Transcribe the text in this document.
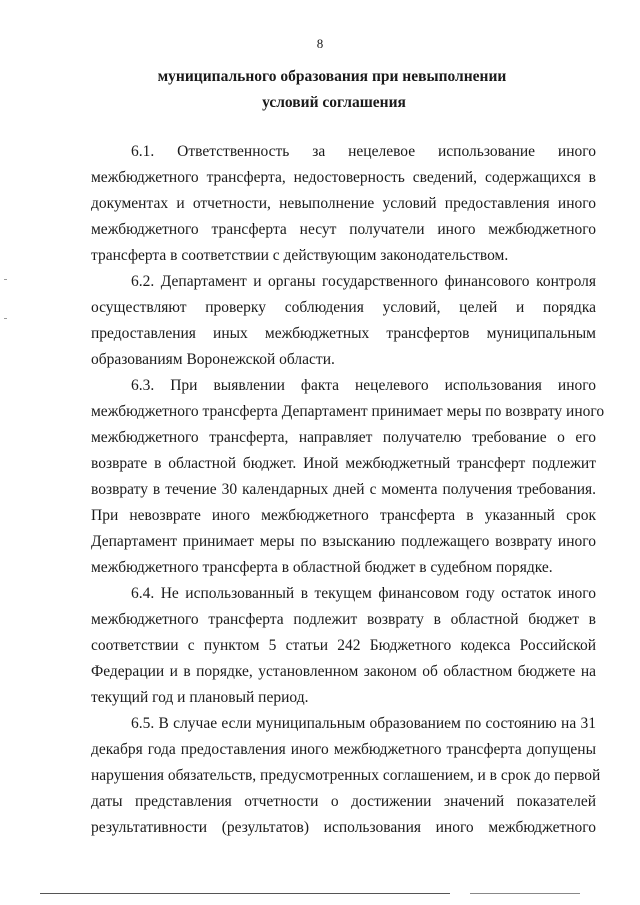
8
муниципального образования при невыполнении
условий соглашения
6.1. Ответственность за нецелевое использование иного
межбюджетного трансферта, недостоверность сведений, содержащихся в
документах и отчетности, невыполнение условий предоставления иного
межбюджетного трансферта несут получатели иного межбюджетного
трансферта в соответствии с действующим законодательством.
6.2. Департамент и органы государственного финансового контроля
осуществляют проверку соблюдения условий, целей и порядка
предоставления иных межбюджетных трансфертов муниципальным
образованиям Воронежской области.
6.3. При выявлении факта нецелевого использования иного
межбюджетного трансферта Департамент принимает меры по возврату иного
межбюджетного трансферта, направляет получателю требование о его
возврате в областной бюджет. Иной межбюджетный трансферт подлежит
возврату в течение 30 календарных дней с момента получения требования.
При невозврате иного межбюджетного трансферта в указанный срок
Департамент принимает меры по взысканию подлежащего возврату иного
межбюджетного трансферта в областной бюджет в судебном порядке.
6.4. Не использованный в текущем финансовом году остаток иного
межбюджетного трансферта подлежит возврату в областной бюджет в
соответствии с пунктом 5 статьи 242 Бюджетного кодекса Российской
Федерации и в порядке, установленном законом об областном бюджете на
текущий год и плановый период.
6.5. В случае если муниципальным образованием по состоянию на 31
декабря года предоставления иного межбюджетного трансферта допущены
нарушения обязательств, предусмотренных соглашением, и в срок до первой
даты представления отчетности о достижении значений показателей
результативности (результатов) использования иного межбюджетного
